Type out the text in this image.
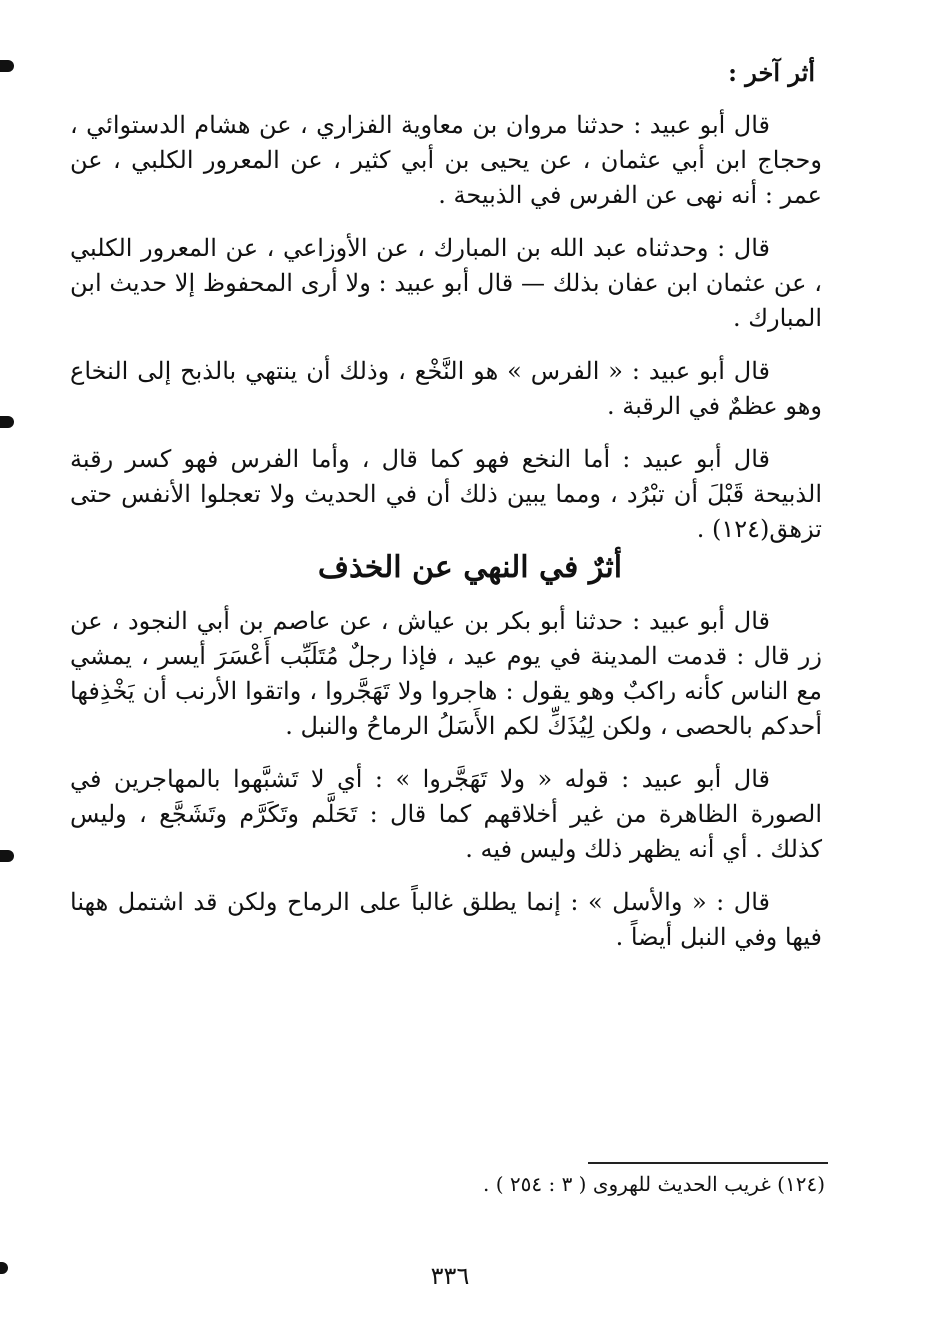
أثر آخر :

قال أبو عبيد : حدثنا مروان بن معاوية الفزاري ، عن هشام الدستوائي ، وحجاج ابن أبي عثمان ، عن يحيى بن أبي كثير ، عن المعرور الكلبي ، عن عمر : أنه نهى عن الفرس في الذبيحة .

قال : وحدثناه عبد الله بن المبارك ، عن الأوزاعي ، عن المعرور الكلبي ، عن عثمان ابن عفان بذلك — قال أبو عبيد : ولا أرى المحفوظ إلا حديث ابن المبارك .

قال أبو عبيد : « الفرس » هو النَّخْع ، وذلك أن ينتهي بالذبح إلى النخاع وهو عظمٌ في الرقبة .

قال أبو عبيد : أما النخع فهو كما قال ، وأما الفرس فهو كسر رقبة الذبيحة قَبْلَ أن تبْرُد ، ومما يبين ذلك أن في الحديث ولا تعجلوا الأنفس حتى تزهق(١٢٤) .

أثرٌ في النهي عن الخذف

قال أبو عبيد : حدثنا أبو بكر بن عياش ، عن عاصم بن أبي النجود ، عن زر قال : قدمت المدينة في يوم عيد ، فإذا رجلٌ مُتَلَبِّب أَعْسَرَ أيسر ، يمشي مع الناس كأنه راكبٌ وهو يقول : هاجروا ولا تَهَجَّروا ، واتقوا الأرنب أن يَخْذِفها أحدكم بالحصى ، ولكن لِيُذَكِّ لكم الأَسَلُ الرماحُ والنبل .

قال أبو عبيد : قوله « ولا تَهَجَّروا » : أي لا تَشبَّهوا بالمهاجرين في الصورة الظاهرة من غير أخلاقهم كما قال : تَحَلَّم وتَكَرَّم وتَشَجَّع ، وليس كذلك . أي أنه يظهر ذلك وليس فيه .

قال : « والأسل » : إنما يطلق غالباً على الرماح ولكن قد اشتمل ههنا فيها وفي النبل أيضاً .

(١٢٤) غريب الحديث للهروى ( ٣ : ٢٥٤ ) .

٣٣٦
